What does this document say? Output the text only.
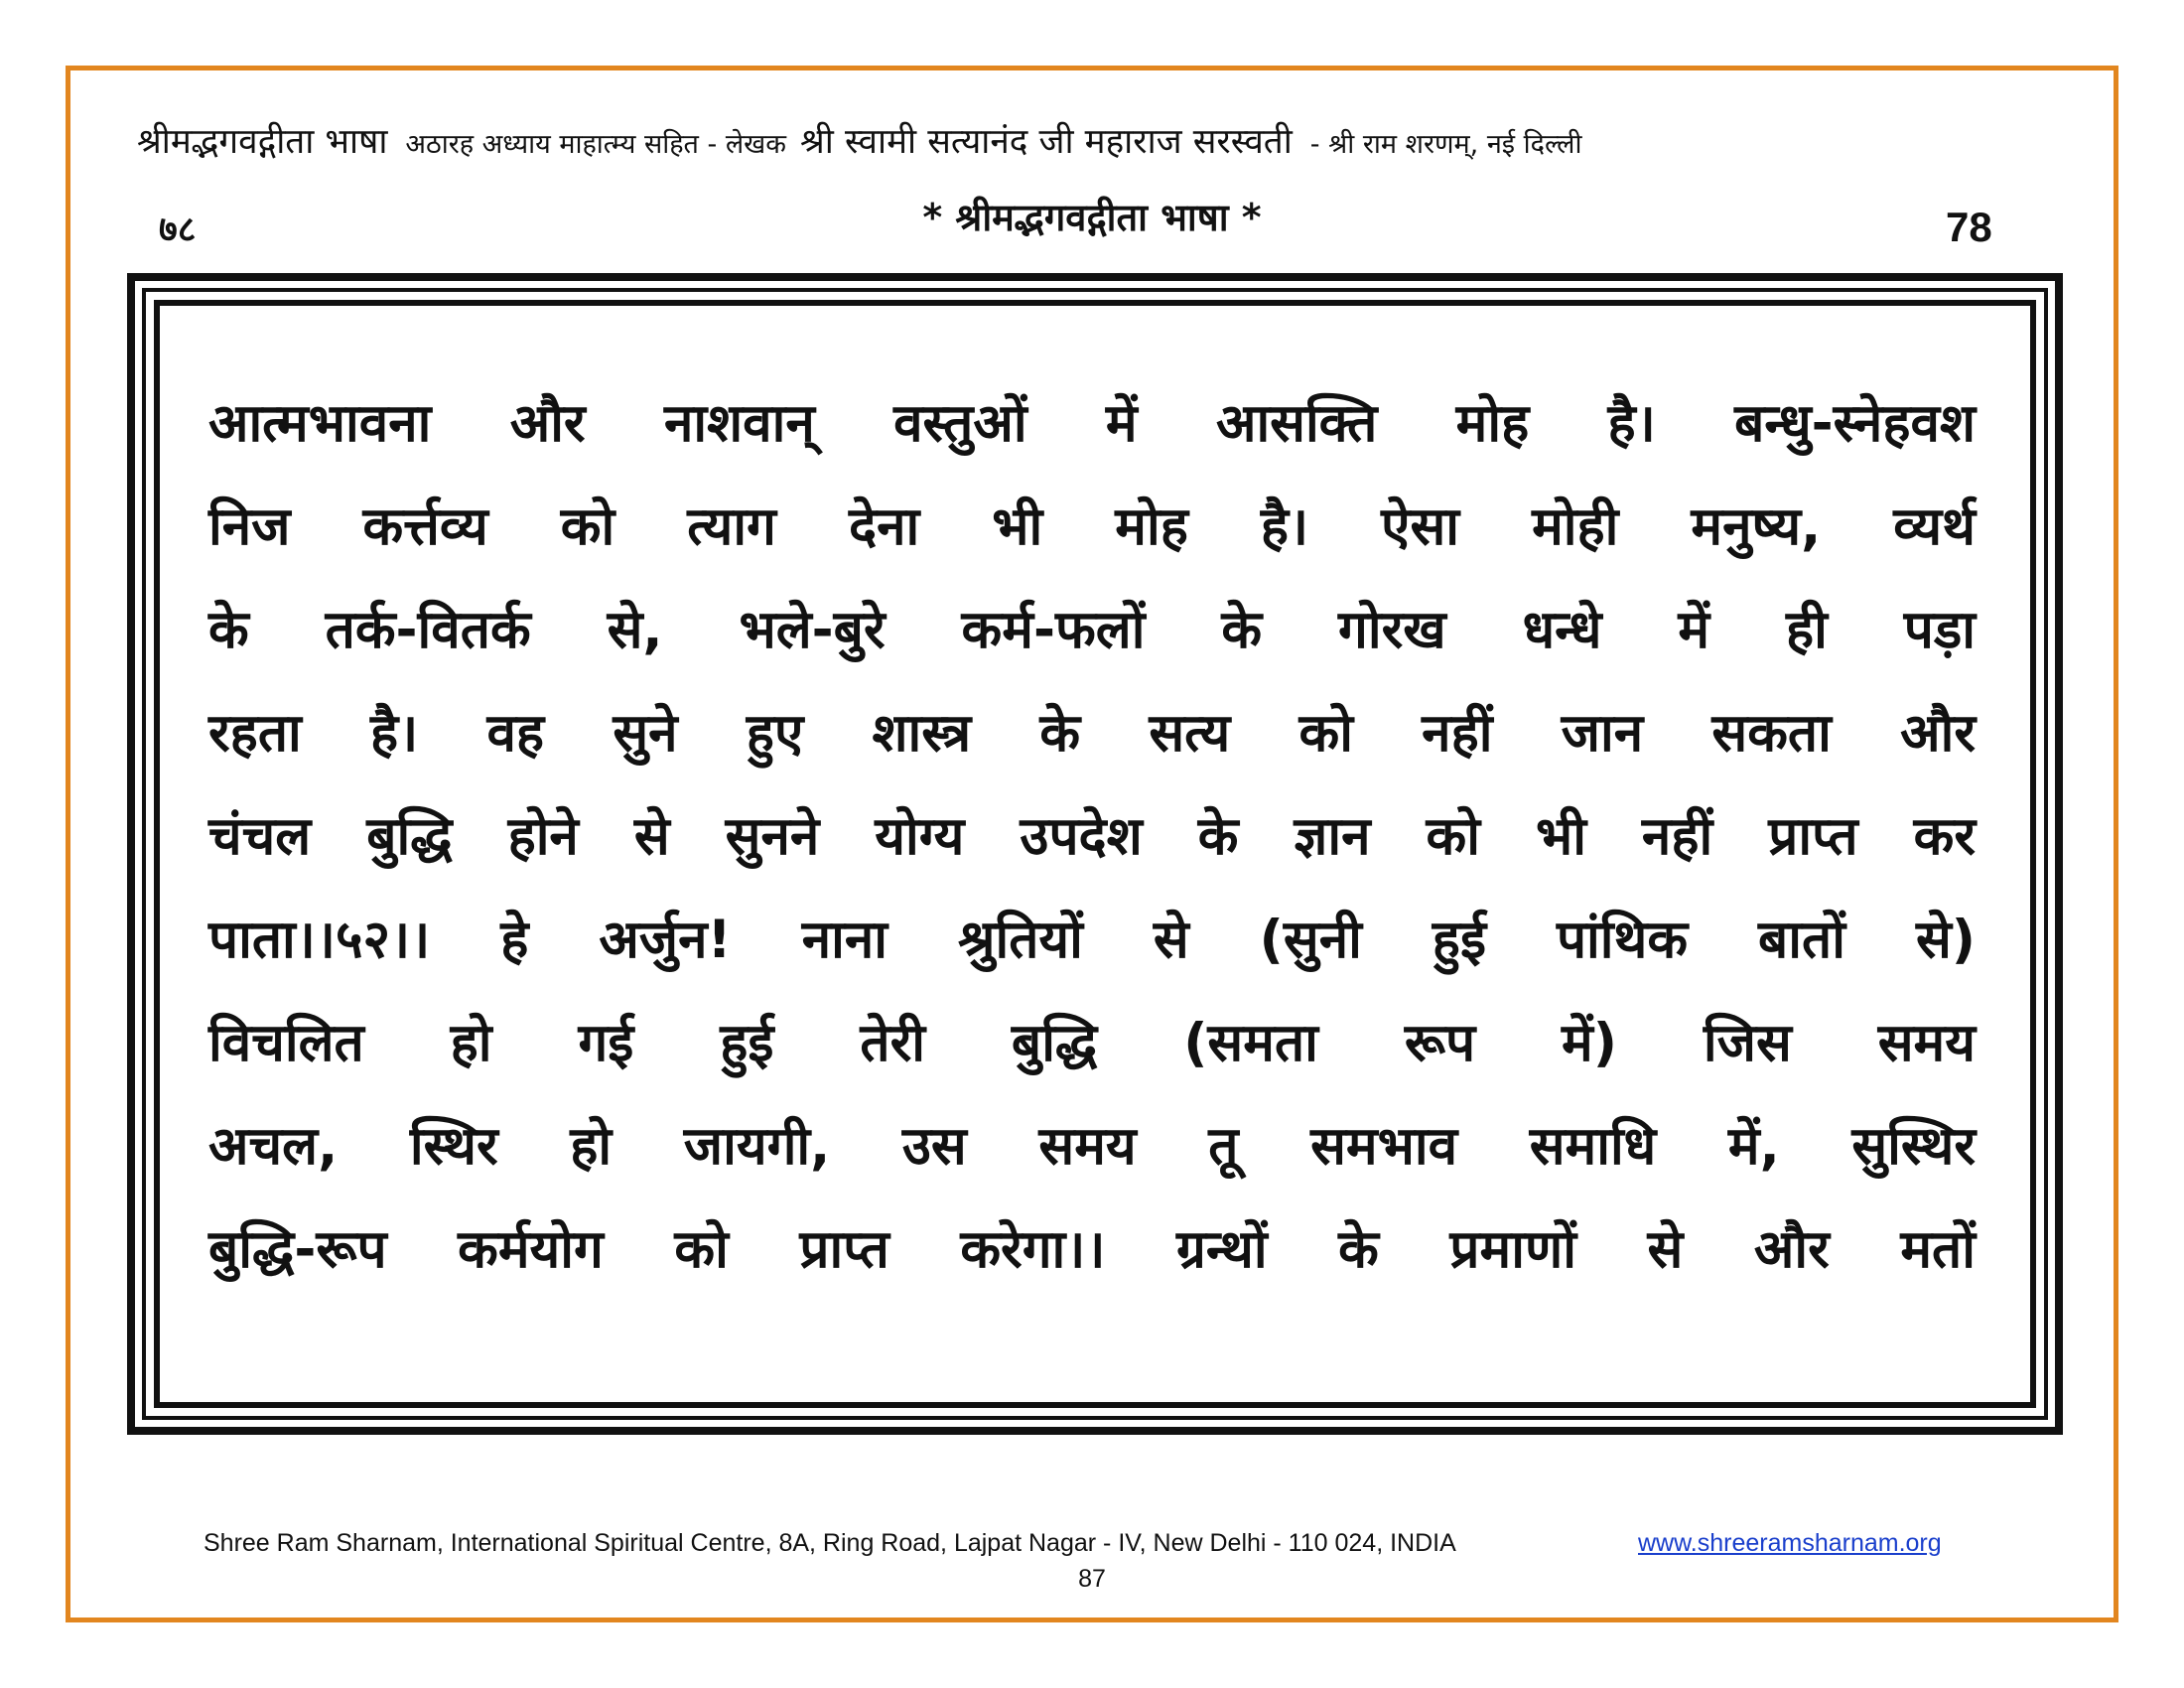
श्रीमद्भगवद्गीता भाषा अठारह अध्याय माहात्म्य सहित - लेखक श्री स्वामी सत्यानंद जी महाराज सरस्वती - श्री राम शरणम्, नई दिल्ली
७८	* श्रीमद्भगवद्गीता भाषा *	78
आत्मभावना और नाशवान् वस्तुओं में आसक्ति मोह है। बन्धु-स्नेहवश
निज कर्त्तव्य को त्याग देना भी मोह है। ऐसा मोही मनुष्य, व्यर्थ
के तर्क-वितर्क से, भले-बुरे कर्म-फलों के गोरख धन्धे में ही पड़ा
रहता है। वह सुने हुए शास्त्र के सत्य को नहीं जान सकता और
चंचल बुद्धि होने से सुनने योग्य उपदेश के ज्ञान को भी नहीं प्राप्त कर
पाता।।५२।। हे अर्जुन! नाना श्रुतियों से (सुनी हुई पांथिक बातों से)
विचलित हो गई हुई तेरी बुद्धि (समता रूप में) जिस समय
अचल, स्थिर हो जायगी, उस समय तू समभाव समाधि में, सुस्थिर
बुद्धि-रूप कर्मयोग को प्राप्त करेगा।। ग्रन्थों के प्रमाणों से और मतों
Shree Ram Sharnam, International Spiritual Centre, 8A, Ring Road, Lajpat Nagar - IV, New Delhi - 110 024, INDIA	www.shreeramsharnam.org
87
